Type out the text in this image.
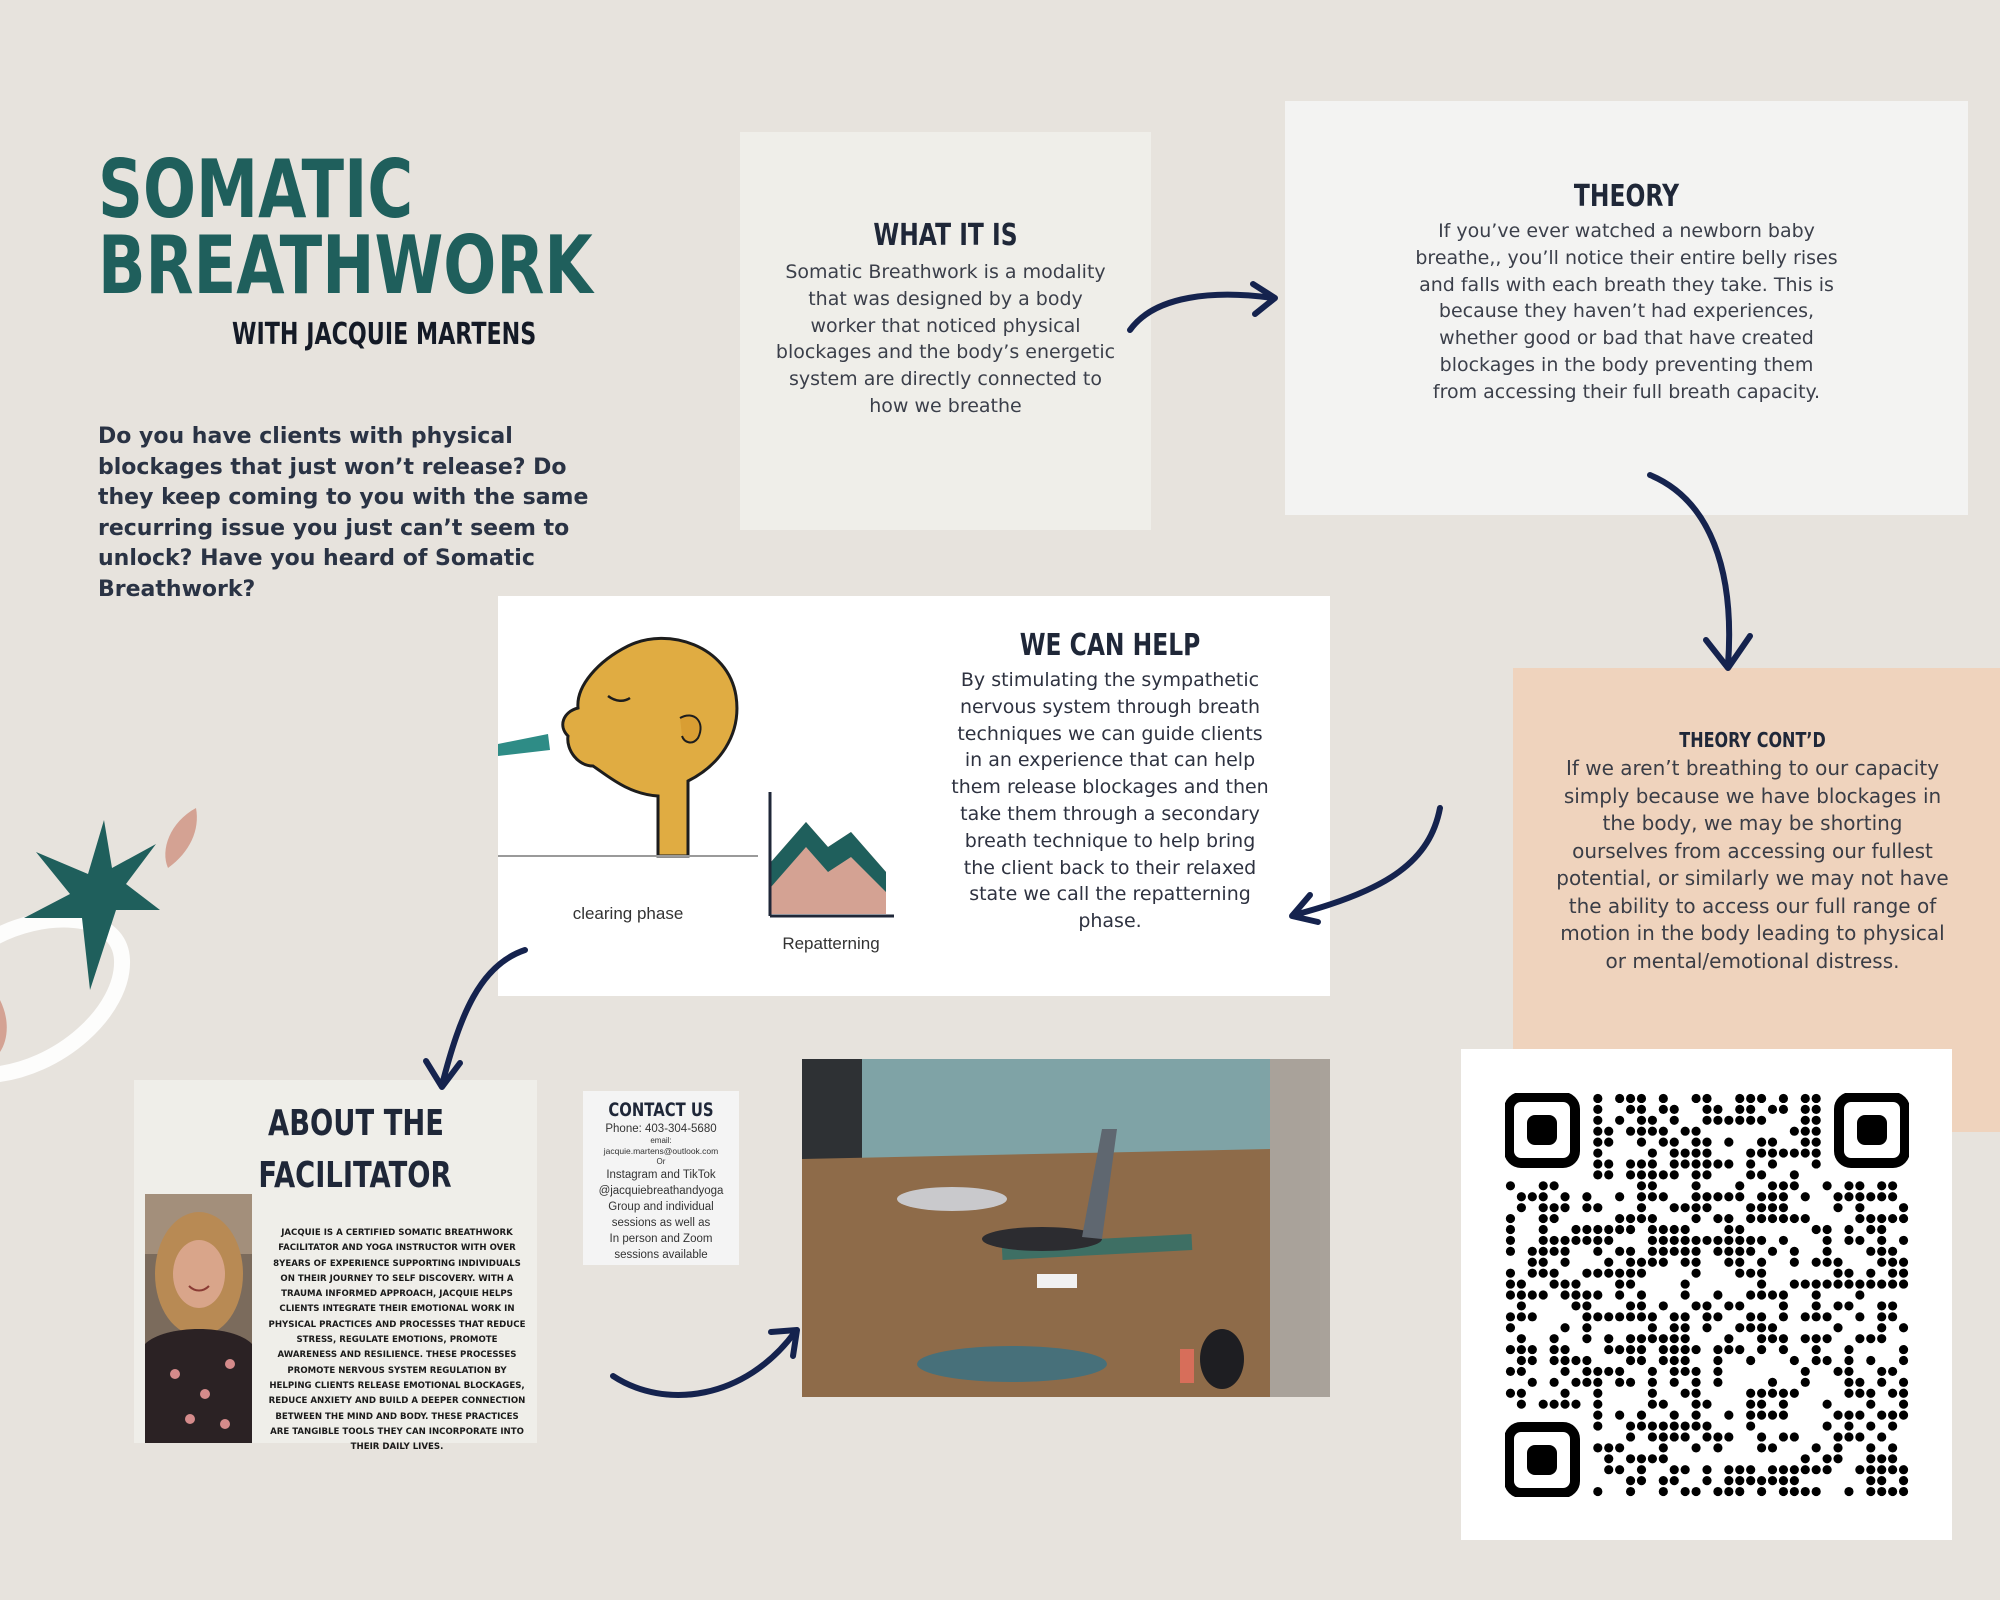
SOMATIC
BREATHWORK
WITH JACQUIE MARTENS
Do you have clients with physical blockages that just won’t release? Do they keep coming to you with the same recurring issue you just can’t seem to unlock? Have you heard of Somatic Breathwork?
WHAT IT IS
Somatic Breathwork is a modality that was designed by a body worker that noticed physical blockages and the body’s energetic system are directly connected to how we breathe
THEORY
If you’ve ever watched a newborn baby breathe,, you’ll notice their entire belly rises and falls with each breath they take. This is because they haven’t had experiences, whether good or bad that have created blockages in the body preventing them from accessing their full breath capacity.
THEORY CONT’D
If we aren’t breathing to our capacity simply because we have blockages in the body, we may be shorting ourselves from accessing our fullest potential, or similarly we may not have the ability to access our full range of motion in the body leading to physical or mental/emotional distress.
clearing phase
Repatterning
WE CAN HELP
By stimulating the sympathetic nervous system through breath techniques we can guide clients in an experience that can help them release blockages and then take them through a secondary breath technique to help bring the client back to their relaxed state we call the repatterning phase.
ABOUT THE
FACILITATOR
JACQUIE IS A CERTIFIED SOMATIC BREATHWORK FACILITATOR AND YOGA INSTRUCTOR WITH OVER 8YEARS OF EXPERIENCE SUPPORTING INDIVIDUALS ON THEIR JOURNEY TO SELF DISCOVERY. WITH A TRAUMA INFORMED APPROACH, JACQUIE HELPS CLIENTS INTEGRATE THEIR EMOTIONAL WORK IN PHYSICAL PRACTICES AND PROCESSES THAT REDUCE STRESS, REGULATE EMOTIONS, PROMOTE AWARENESS AND RESILIENCE. THESE PROCESSES PROMOTE NERVOUS SYSTEM REGULATION BY HELPING CLIENTS RELEASE EMOTIONAL BLOCKAGES, REDUCE ANXIETY AND BUILD A DEEPER CONNECTION BETWEEN THE MIND AND BODY. THESE PRACTICES ARE TANGIBLE TOOLS THEY CAN INCORPORATE INTO THEIR DAILY LIVES.
CONTACT US
Phone: 403-304-5680
email:
jacquie.martens@outlook.com
Or
Instagram and TikTok
@jacquiebreathandyoga
Group and individual
sessions as well as
In person and Zoom
sessions available
